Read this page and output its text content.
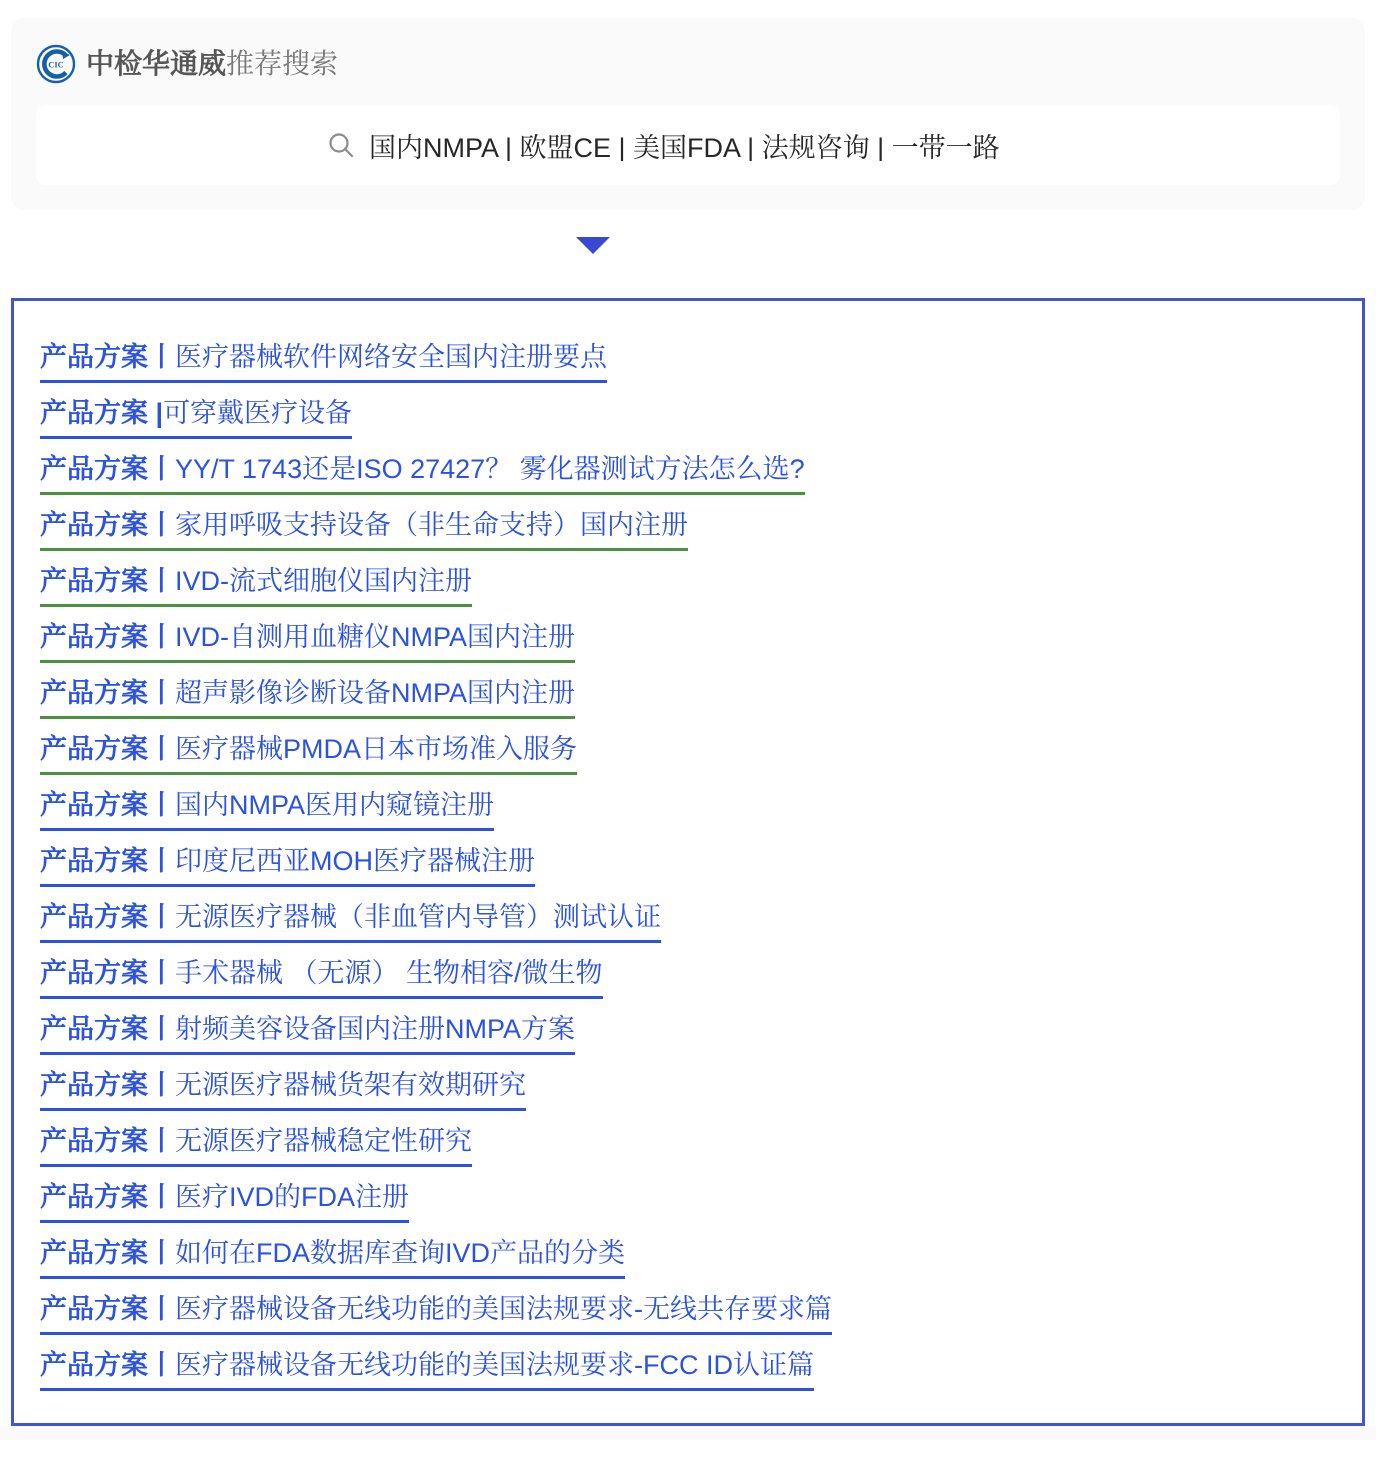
CIC 中检华通威推荐搜索
国内NMPA | 欧盟CE | 美国FDA | 法规咨询 | 一带一路
产品方案丨医疗器械软件网络安全国内注册要点
产品方案 |可穿戴医疗设备
产品方案丨YY/T 1743还是ISO 27427？ 雾化器测试方法怎么选?
产品方案丨家用呼吸支持设备（非生命支持）国内注册
产品方案丨IVD-流式细胞仪国内注册
产品方案丨IVD-自测用血糖仪NMPA国内注册
产品方案丨超声影像诊断设备NMPA国内注册
产品方案丨医疗器械PMDA日本市场准入服务
产品方案丨国内NMPA医用内窥镜注册
产品方案丨印度尼西亚MOH医疗器械注册
产品方案丨无源医疗器械（非血管内导管）测试认证
产品方案丨手术器械 （无源） 生物相容/微生物
产品方案丨射频美容设备国内注册NMPA方案
产品方案丨无源医疗器械货架有效期研究
产品方案丨无源医疗器械稳定性研究
产品方案丨医疗IVD的FDA注册
产品方案丨如何在FDA数据库查询IVD产品的分类
产品方案丨医疗器械设备无线功能的美国法规要求-无线共存要求篇
产品方案丨医疗器械设备无线功能的美国法规要求-FCC ID认证篇
